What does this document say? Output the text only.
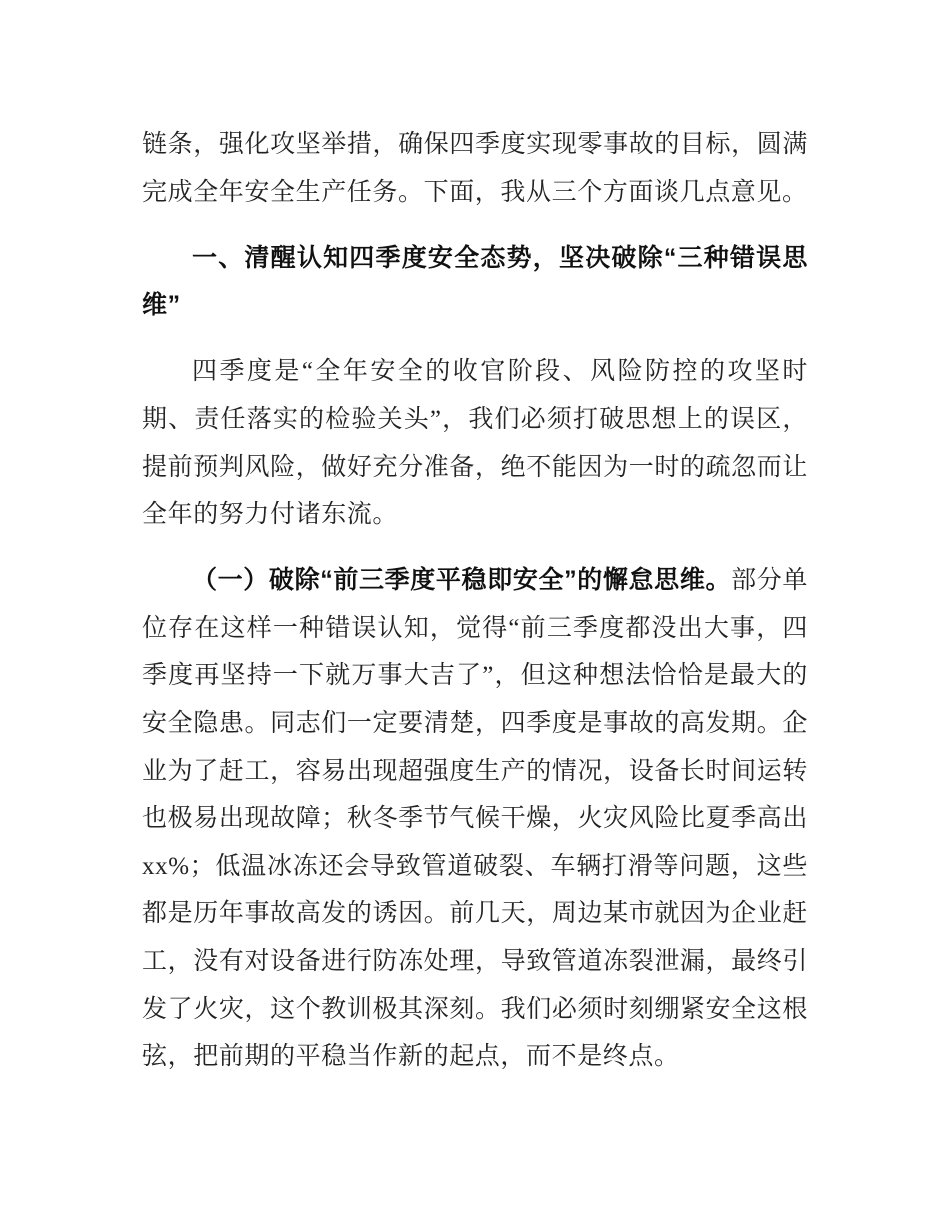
链条，强化攻坚举措，确保四季度实现零事故的目标，圆满完成全年安全生产任务。下面，我从三个方面谈几点意见。

一、清醒认知四季度安全态势，坚决破除“三种错误思维”

四季度是“全年安全的收官阶段、风险防控的攻坚时期、责任落实的检验关头”，我们必须打破思想上的误区，提前预判风险，做好充分准备，绝不能因为一时的疏忽而让全年的努力付诸东流。

（一）破除“前三季度平稳即安全”的懈怠思维。部分单位存在这样一种错误认知，觉得“前三季度都没出大事，四季度再坚持一下就万事大吉了”，但这种想法恰恰是最大的安全隐患。同志们一定要清楚，四季度是事故的高发期。企业为了赶工，容易出现超强度生产的情况，设备长时间运转也极易出现故障；秋冬季节气候干燥，火灾风险比夏季高出xx%；低温冰冻还会导致管道破裂、车辆打滑等问题，这些都是历年事故高发的诱因。前几天，周边某市就因为企业赶工，没有对设备进行防冻处理，导致管道冻裂泄漏，最终引发了火灾，这个教训极其深刻。我们必须时刻绷紧安全这根弦，把前期的平稳当作新的起点，而不是终点。
